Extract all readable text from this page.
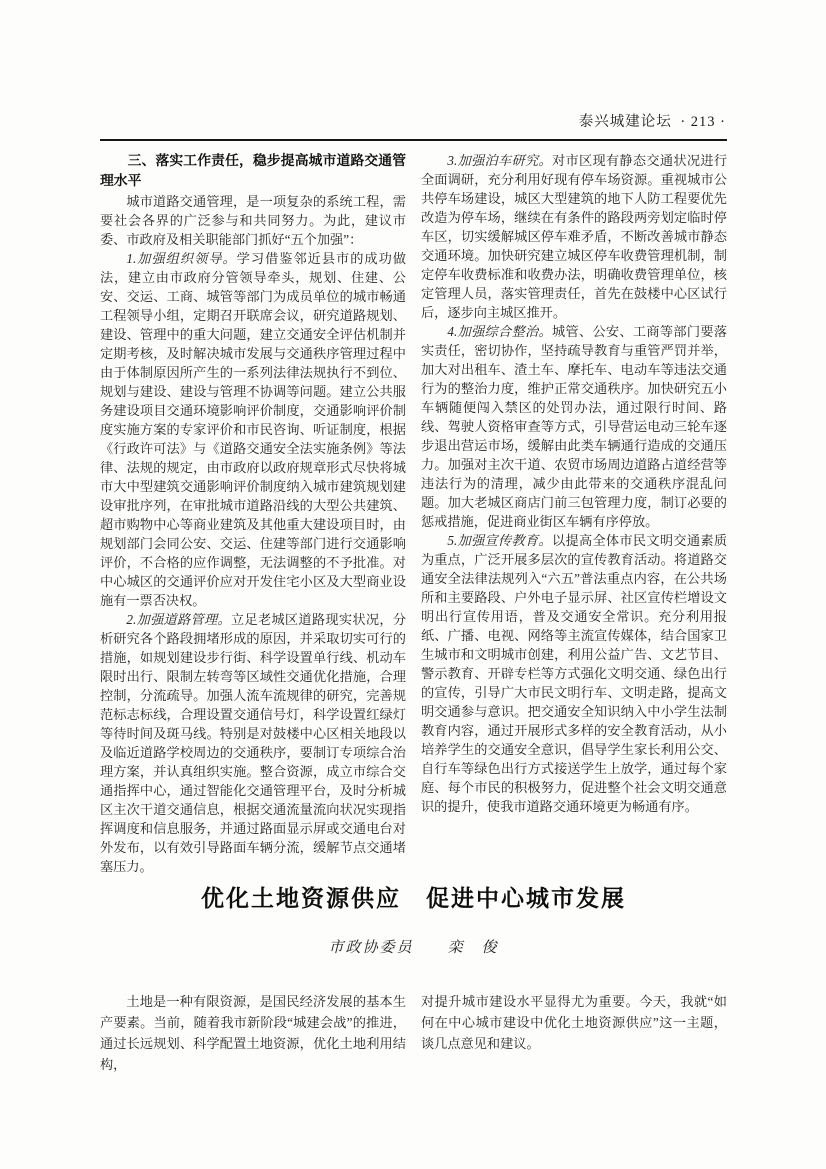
泰兴城建论坛 · 213 ·
三、落实工作责任，稳步提高城市道路交通管理水平

城市道路交通管理，是一项复杂的系统工程，需要社会各界的广泛参与和共同努力。为此，建议市委、市政府及相关职能部门抓好“五个加强”：

1.加强组织领导。学习借鉴邻近县市的成功做法，建立由市政府分管领导牵头，规划、住建、公安、交运、工商、城管等部门为成员单位的城市畅通工程领导小组，定期召开联席会议，研究道路规划、建设、管理中的重大问题，建立交通安全评估机制并定期考核，及时解决城市发展与交通秩序管理过程中由于体制原因所产生的一系列法律法规执行不到位、规划与建设、建设与管理不协调等问题。建立公共服务建设项目交通环境影响评价制度，交通影响评价制度实施方案的专家评价和市民咨询、听证制度，根据《行政许可法》与《道路交通安全法实施条例》等法律、法规的规定，由市政府以政府规章形式尽快将城市大中型建筑交通影响评价制度纳入城市建筑规划建设审批序列，在审批城市道路沿线的大型公共建筑、超市购物中心等商业建筑及其他重大建设项目时，由规划部门会同公安、交运、住建等部门进行交通影响评价，不合格的应作调整，无法调整的不予批准。对中心城区的交通评价应对开发住宅小区及大型商业设施有一票否决权。

2.加强道路管理。立足老城区道路现实状况，分析研究各个路段拥堵形成的原因，并采取切实可行的措施，如规划建设步行街、科学设置单行线、机动车限时出行、限制左转弯等区域性交通优化措施，合理控制，分流疏导。加强人流车流规律的研究，完善规范标志标线，合理设置交通信号灯，科学设置红绿灯等待时间及斑马线。特别是对鼓楼中心区相关地段以及临近道路学校周边的交通秩序，要制订专项综合治理方案，并认真组织实施。整合资源，成立市综合交通指挥中心，通过智能化交通管理平台，及时分析城区主次干道交通信息，根据交通流量流向状况实现指挥调度和信息服务，并通过路面显示屏或交通电台对外发布，以有效引导路面车辆分流，缓解节点交通堵塞压力。

3.加强泊车研究。对市区现有静态交通状况进行全面调研，充分利用好现有停车场资源。重视城市公共停车场建设，城区大型建筑的地下人防工程要优先改造为停车场，继续在有条件的路段两旁划定临时停车区，切实缓解城区停车难矛盾，不断改善城市静态交通环境。加快研究建立城区停车收费管理机制，制定停车收费标准和收费办法，明确收费管理单位，核定管理人员，落实管理责任，首先在鼓楼中心区试行后，逐步向主城区推开。

4.加强综合整治。城管、公安、工商等部门要落实责任，密切协作，坚持疏导教育与重管严罚并举，加大对出租车、渣土车、摩托车、电动车等违法交通行为的整治力度，维护正常交通秩序。加快研究五小车辆随便闯入禁区的处罚办法，通过限行时间、路线、驾驶人资格审查等方式，引导营运电动三轮车逐步退出营运市场，缓解由此类车辆通行造成的交通压力。加强对主次干道、农贸市场周边道路占道经营等违法行为的清理，减少由此带来的交通秩序混乱问题。加大老城区商店门前三包管理力度，制订必要的惩戒措施，促进商业街区车辆有序停放。

5.加强宣传教育。以提高全体市民文明交通素质为重点，广泛开展多层次的宣传教育活动。将道路交通安全法律法规列入“六五”普法重点内容，在公共场所和主要路段、户外电子显示屏、社区宣传栏增设文明出行宣传用语，普及交通安全常识。充分利用报纸、广播、电视、网络等主流宣传媒体，结合国家卫生城市和文明城市创建，利用公益广告、文艺节目、警示教育、开辟专栏等方式强化文明交通、绿色出行的宣传，引导广大市民文明行车、文明走路，提高文明交通参与意识。把交通安全知识纳入中小学生法制教育内容，通过开展形式多样的安全教育活动，从小培养学生的交通安全意识，倡导学生家长利用公交、自行车等绿色出行方式接送学生上放学，通过每个家庭、每个市民的积极努力，促进整个社会文明交通意识的提升，使我市道路交通环境更为畅通有序。

优化土地资源供应　促进中心城市发展
市政协委员　　栾　俊

土地是一种有限资源，是国民经济发展的基本生产要素。当前，随着我市新阶段“城建会战”的推进，通过长远规划、科学配置土地资源，优化土地利用结构，

对提升城市建设水平显得尤为重要。今天，我就“如何在中心城市建设中优化土地资源供应”这一主题，谈几点意见和建议。
